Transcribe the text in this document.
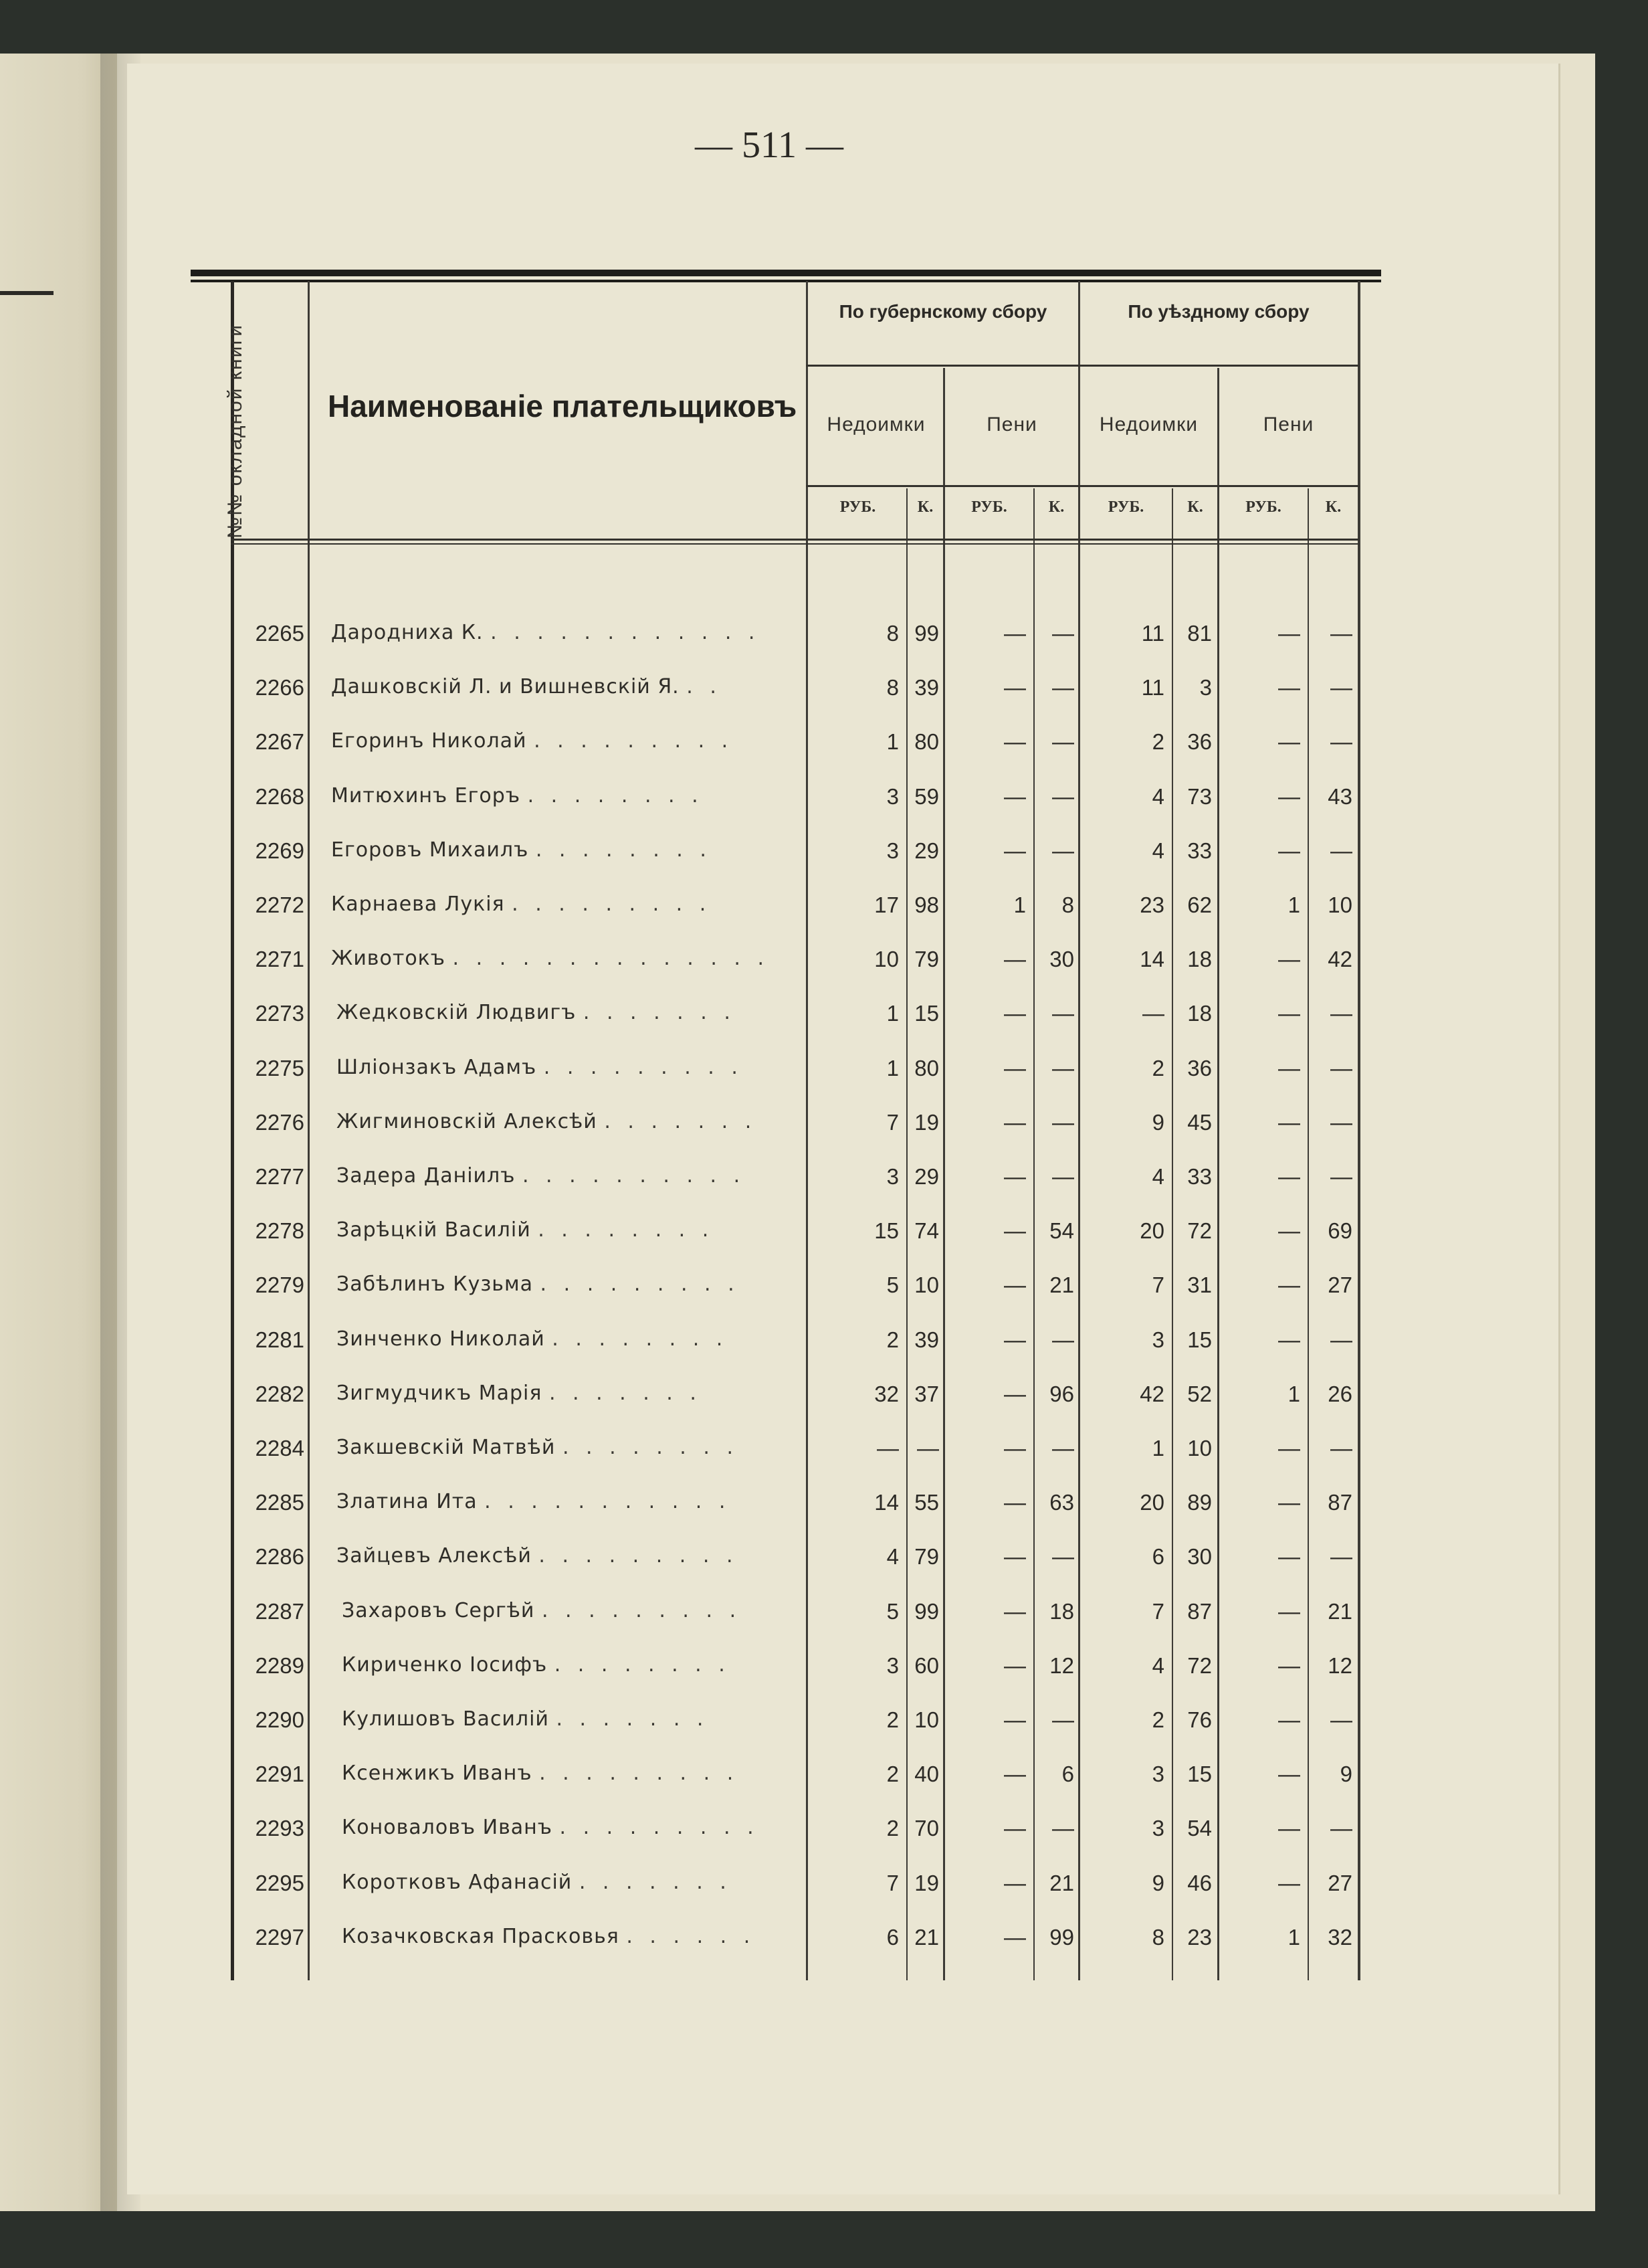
— 511 —
№№ окладной книги	Наименованіе плательщиковъ
По губернскому сбору	По уѣздному сбору
Недоимки	Пени	Недоимки	Пени
РУБ.	К.	РУБ.	К.	РУБ.	К.	РУБ.	К.
2265 Даpодниха К. . . . . . . . . . . . .	8 99	—	—	11	81	—	—
2266 Дашковскій Л. и Вишневскій Я. . .	8 39	—	—	11	3	—	—
2267 Егоринъ Николай . . . . . . . . .	1 80	—	—	2	36	—	—
2268 Митюхинъ Егоръ . . . . . . . .	3 59	—	—	4	73	—	43
2269 Егоровъ Михаилъ . . . . . . . .	3 29	—	—	4	33	—	—
2272 Карнаева Лукія . . . . . . . . .	17 98	1	8	23	62	1	10
2271 Животокъ . . . . . . . . . . . . . .	10 79	—	30	14	18	—	42
2273 Жедковскій Людвигъ . . . . . . .	1 15	—	—	—	18	—	—
2275 Шліонзакъ Адамъ . . . . . . . . .	1 80	—	—	2	36	—	—
2276 Жигминовскій Алексѣй . . . . . . .	7 19	—	—	9	45	—	—
2277 Задера Даніилъ . . . . . . . . . .	3 29	—	—	4	33	—	—
2278 Зарѣцкій Василій . . . . . . . .	15 74	—	54	20	72	—	69
2279 Забѣлинъ Кузьма . . . . . . . . .	5 10	—	21	7	31	—	27
2281 Зинченко Николай . . . . . . . .	2 39	—	—	3	15	—	—
2282 Зигмудчикъ Марія . . . . . . .	32 37	—	96	42	52	1	26
2284 Закшевскій Матвѣй . . . . . . . .	— —	—	—	1	10	—	—
2285 Златина Ита . . . . . . . . . . .	14 55	—	63	20	89	—	87
2286 Зайцевъ Алексѣй . . . . . . . . .	4 79	—	—	6	30	—	—
2287 Захаровъ Сергѣй . . . . . . . . .	5 99	—	18	7	87	—	21
2289 Кириченко Іосифъ . . . . . . . .	3 60	—	12	4	72	—	12
2290 Кулишовъ Василій . . . . . . .	2 10	—	—	2	76	—	—
2291 Ксенжикъ Иванъ . . . . . . . . .	2 40	—	6	3	15	—	9
2293 Коноваловъ Иванъ . . . . . . . . .	2 70	—	—	3	54	—	—
2295 Коротковъ Афанасій . . . . . . .	7 19	—	21	9	46	—	27
2297 Козачковская Прасковья . . . . . .	6 21	—	99	8	23	1	32
